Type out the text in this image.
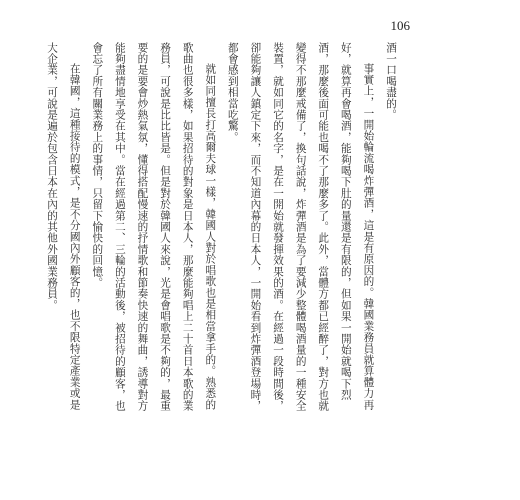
106

酒一口喝盡的。

事實上，一開始輪流喝炸彈酒，這是有原因的。韓國業務員就算體力再好，就算再會喝酒，能夠喝下肚的量還是有限的，但如果一開始就喝下烈酒，那麼後面可能也喝不了那麼多了。此外，當體方都已經醉了，對方也就變得不那麼戒備了，換句話說，炸彈酒是為了要減少整體喝酒量的一種安全裝置，就如同它的名字，是在一開始就發揮效果的酒。在經過一段時間後，卻能夠讓人鎮定下來，而不知道內幕的日本人，一開始看到炸彈酒登場時，都會感到相當吃驚。

就如同擅長打高爾夫球一樣，韓國人對於唱歌也是相當拿手的。熟悉的歌曲也很多樣，如果招待的對象是日本人，那麼能夠唱上二十首日本歌的業務員，可說是比比皆是。但是對於韓國人來說，光是會唱歌是不夠的，最重要的是要會炒熱氣氛，懂得搭配慢速的抒情歌和節奏快速的舞曲，誘導對方能夠盡情地享受在其中。當在經過第二、三輪的活動後，被招待的顧客，也會忘了所有關業務上的事情，只留下愉快的回憶。

在韓國，這種接待的模式，是不分國內外顧客的，也不限特定產業或是大企業，可說是遍於包含日本在內的其他外國業務員。
